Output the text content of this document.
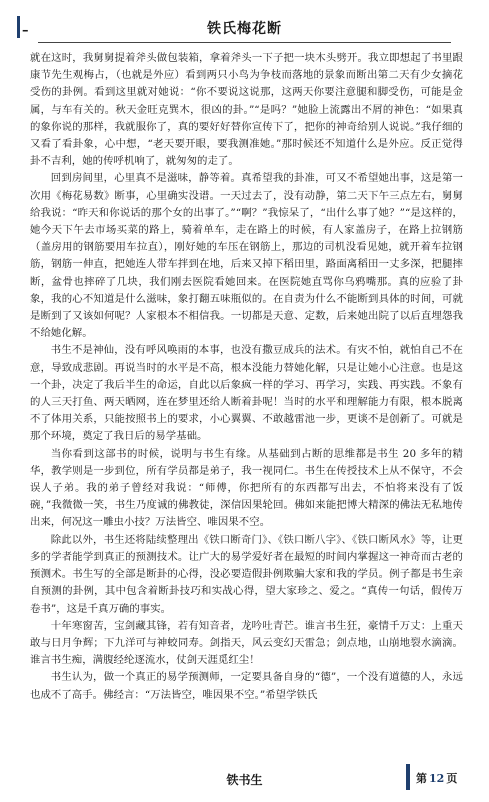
–	铁氏梅花断

就在这时，我舅舅提着斧头做包装箱，拿着斧头一下子把一块木头劈开。我立即想起了书里跟康节先生观梅占，（也就是外应）看到两只小鸟为争枝而落地的景象而断出第二天有少女摘花受伤的卦例。看到这里就对她说：“你不要说这说那，这两天你要注意腿和脚受伤，可能是金属，与车有关的。秋天金旺克巽木，很凶的卦。”“是吗？”她脸上流露出不屑的神色：“如果真的象你说的那样，我就服你了，真的要好好替你宣传下了，把你的神奇给别人说说。”我仔细的又看了看卦象，心中想，“老天要开眼，要我测准她。”那时候还不知道什么是外应。反正觉得卦不吉利，她的传呼机响了，就匆匆的走了。

回到房间里，心里真不是滋味，静等着。真希望我的卦准，可又不希望她出事，这是第一次用《梅花易数》断事，心里确实没谱。一天过去了，没有动静，第二天下午三点左右，舅舅给我说：“昨天和你说话的那个女的出事了。”“啊？”我惊呆了，“出什么事了她？”“是这样的，她今天下午去市场买菜的路上，骑着单车，走在路上的时候，有人家盖房子，在路上拉钢筋（盖房用的钢筋要用车拉直），刚好她的车压在钢筋上，那边的司机没看见她，就开着车拉钢筋，钢筋一伸直，把她连人带车拌到在地，后来又掉下稻田里，路面离稻田一丈多深，把腿摔断，盆骨也摔碎了几块，我们刚去医院看她回来。在医院她直骂你乌鸦嘴那。真的应验了卦象，我的心不知道是什么滋味，象打翻五味瓶似的。在自责为什么不能断到具体的时间，可就是断到了又该如何呢？人家根本不相信我。一切都是天意、定数，后来她出院了以后直埋怨我不给她化解。

书生不是神仙，没有呼风唤雨的本事，也没有撒豆成兵的法术。有灾不怕，就怕自己不在意，导致成悲剧。再说当时的水平是不高，根本没能力替她化解，只是让她小心注意。也是这一个卦，决定了我后半生的命运，自此以后象疯一样的学习、再学习，实践、再实践。不象有的人三天打鱼、两天晒网，连在梦里还给人断着卦呢！当时的水平和理解能力有限，根本脱离不了体用关系，只能按照书上的要求，小心翼翼、不敢越雷池一步，更谈不是创新了。可就是那个环境，奠定了我日后的易学基础。

当你看到这部书的时候，说明与书生有缘。从基础到占断的思维都是书生 20 多年的精华，教学则是一步到位，所有学员都是弟子，我一视同仁。书生在传授技术上从不保守，不会误人子弟。我的弟子曾经对我说：“师傅，你把所有的东西都写出去，不怕将来没有了饭碗，”我微微一笑，书生乃度诚的佛教徒，深信因果轮回。佛如来能把博大精深的佛法无私地传出来，何况这一雕虫小技？万法皆空、唯因果不空。

除此以外，书生还将陆续整理出《铁口断奇门》、《铁口断八字》、《铁口断风水》等，让更多的学者能学到真正的预测技术。让广大的易学爱好者在最短的时间内掌握这一神奇而古老的预测术。书生写的全部是断卦的心得，没必要造假卦例欺骗大家和我的学员。例子都是书生亲自预测的卦例，其中包含着断卦技巧和实战心得，望大家珍之、爱之。“真传一句话，假传万卷书”，这是千真万确的事实。

十年寒窗苦，宝剑藏其锋，若有知音者，龙吟吐青芒。谁言书生狂，豪情千万丈：上重天敢与日月争辉；下九洋可与神蛟同寿。剑指天，风云变幻天雷急；剑点地，山崩地裂水滴滴。谁言书生痴，满腹经纶逐流水，仗剑天涯觅红尘！

书生认为，做一个真正的易学预测师，一定要具备自身的“德”，一个没有道德的人，永远也成不了高手。佛经言：“万法皆空，唯因果不空。”希望学铁氏

铁书生	第 12 页
